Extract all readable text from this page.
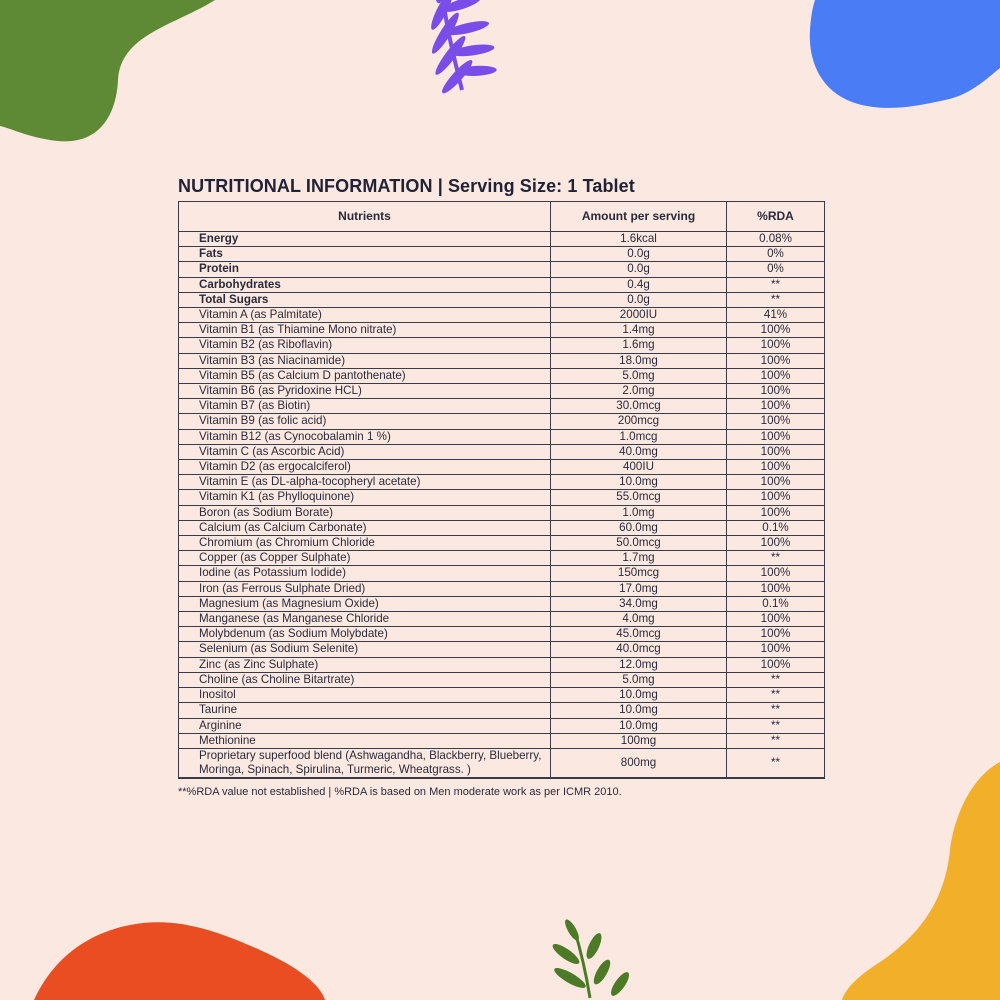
NUTRITIONAL INFORMATION | Serving Size: 1 Tablet
Nutrients	Amount per serving	%RDA
Energy	1.6kcal	0.08%
Fats	0.0g	0%
Protein	0.0g	0%
Carbohydrates	0.4g	**
Total Sugars	0.0g	**
Vitamin A (as Palmitate)	2000IU	41%
Vitamin B1 (as Thiamine Mono nitrate)	1.4mg	100%
Vitamin B2 (as Riboflavin)	1.6mg	100%
Vitamin B3 (as Niacinamide)	18.0mg	100%
Vitamin B5 (as Calcium D pantothenate)	5.0mg	100%
Vitamin B6 (as Pyridoxine HCL)	2.0mg	100%
Vitamin B7 (as Biotin)	30.0mcg	100%
Vitamin B9 (as folic acid)	200mcg	100%
Vitamin B12 (as Cynocobalamin 1 %)	1.0mcg	100%
Vitamin C (as Ascorbic Acid)	40.0mg	100%
Vitamin D2 (as ergocalciferol)	400IU	100%
Vitamin E (as DL-alpha-tocopheryl acetate)	10.0mg	100%
Vitamin K1 (as Phylloquinone)	55.0mcg	100%
Boron (as Sodium Borate)	1.0mg	100%
Calcium (as Calcium Carbonate)	60.0mg	0.1%
Chromium (as Chromium Chloride	50.0mcg	100%
Copper (as Copper Sulphate)	1.7mg	**
Iodine (as Potassium Iodide)	150mcg	100%
Iron (as Ferrous Sulphate Dried)	17.0mg	100%
Magnesium (as Magnesium Oxide)	34.0mg	0.1%
Manganese (as Manganese Chloride	4.0mg	100%
Molybdenum (as Sodium Molybdate)	45.0mcg	100%
Selenium (as Sodium Selenite)	40.0mcg	100%
Zinc (as Zinc Sulphate)	12.0mg	100%
Choline (as Choline Bitartrate)	5.0mg	**
Inositol	10.0mg	**
Taurine	10.0mg	**
Arginine	10.0mg	**
Methionine	100mg	**
Proprietary superfood blend (Ashwagandha, Blackberry, Blueberry, Moringa, Spinach, Spirulina, Turmeric, Wheatgrass. )	800mg	**
**%RDA value not established | %RDA is based on Men moderate work as per ICMR 2010.
